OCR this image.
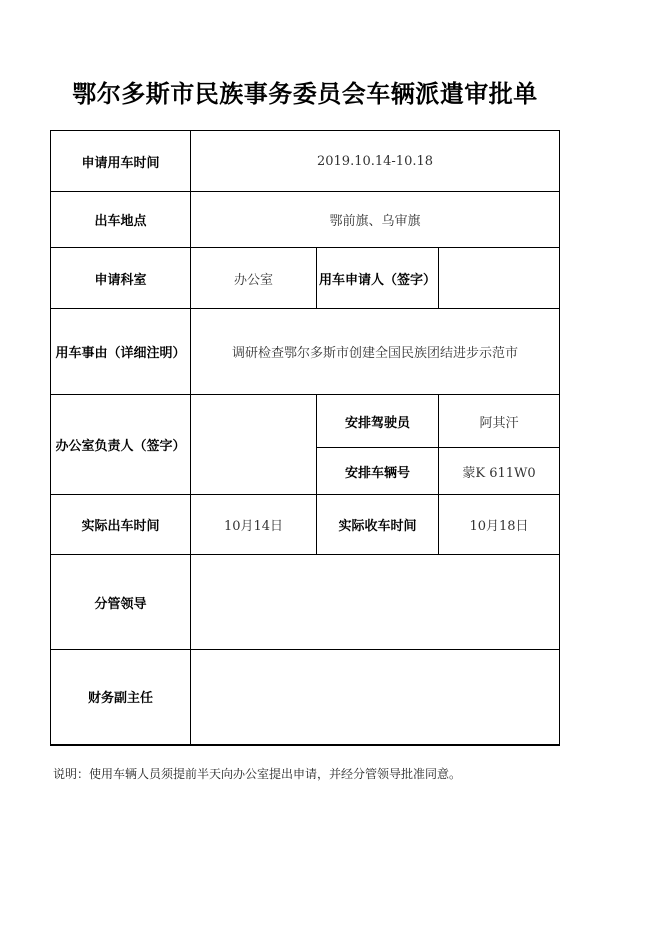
鄂尔多斯市民族事务委员会车辆派遣审批单
申请用车时间	2019.10.14-10.18		
出车地点	鄂前旗、乌审旗		
申请科室	办公室	用车申请人（签字）	
用车事由（详细注明）	调研检查鄂尔多斯市创建全国民族团结进步示范市		
办公室负责人（签字）		安排驾驶员	阿其汗
		安排车辆号	蒙K 611W0
实际出车时间	10月14日	实际收车时间	10月18日
分管领导			
财务副主任			
说明：使用车辆人员须提前半天向办公室提出申请，并经分管领导批准同意。
